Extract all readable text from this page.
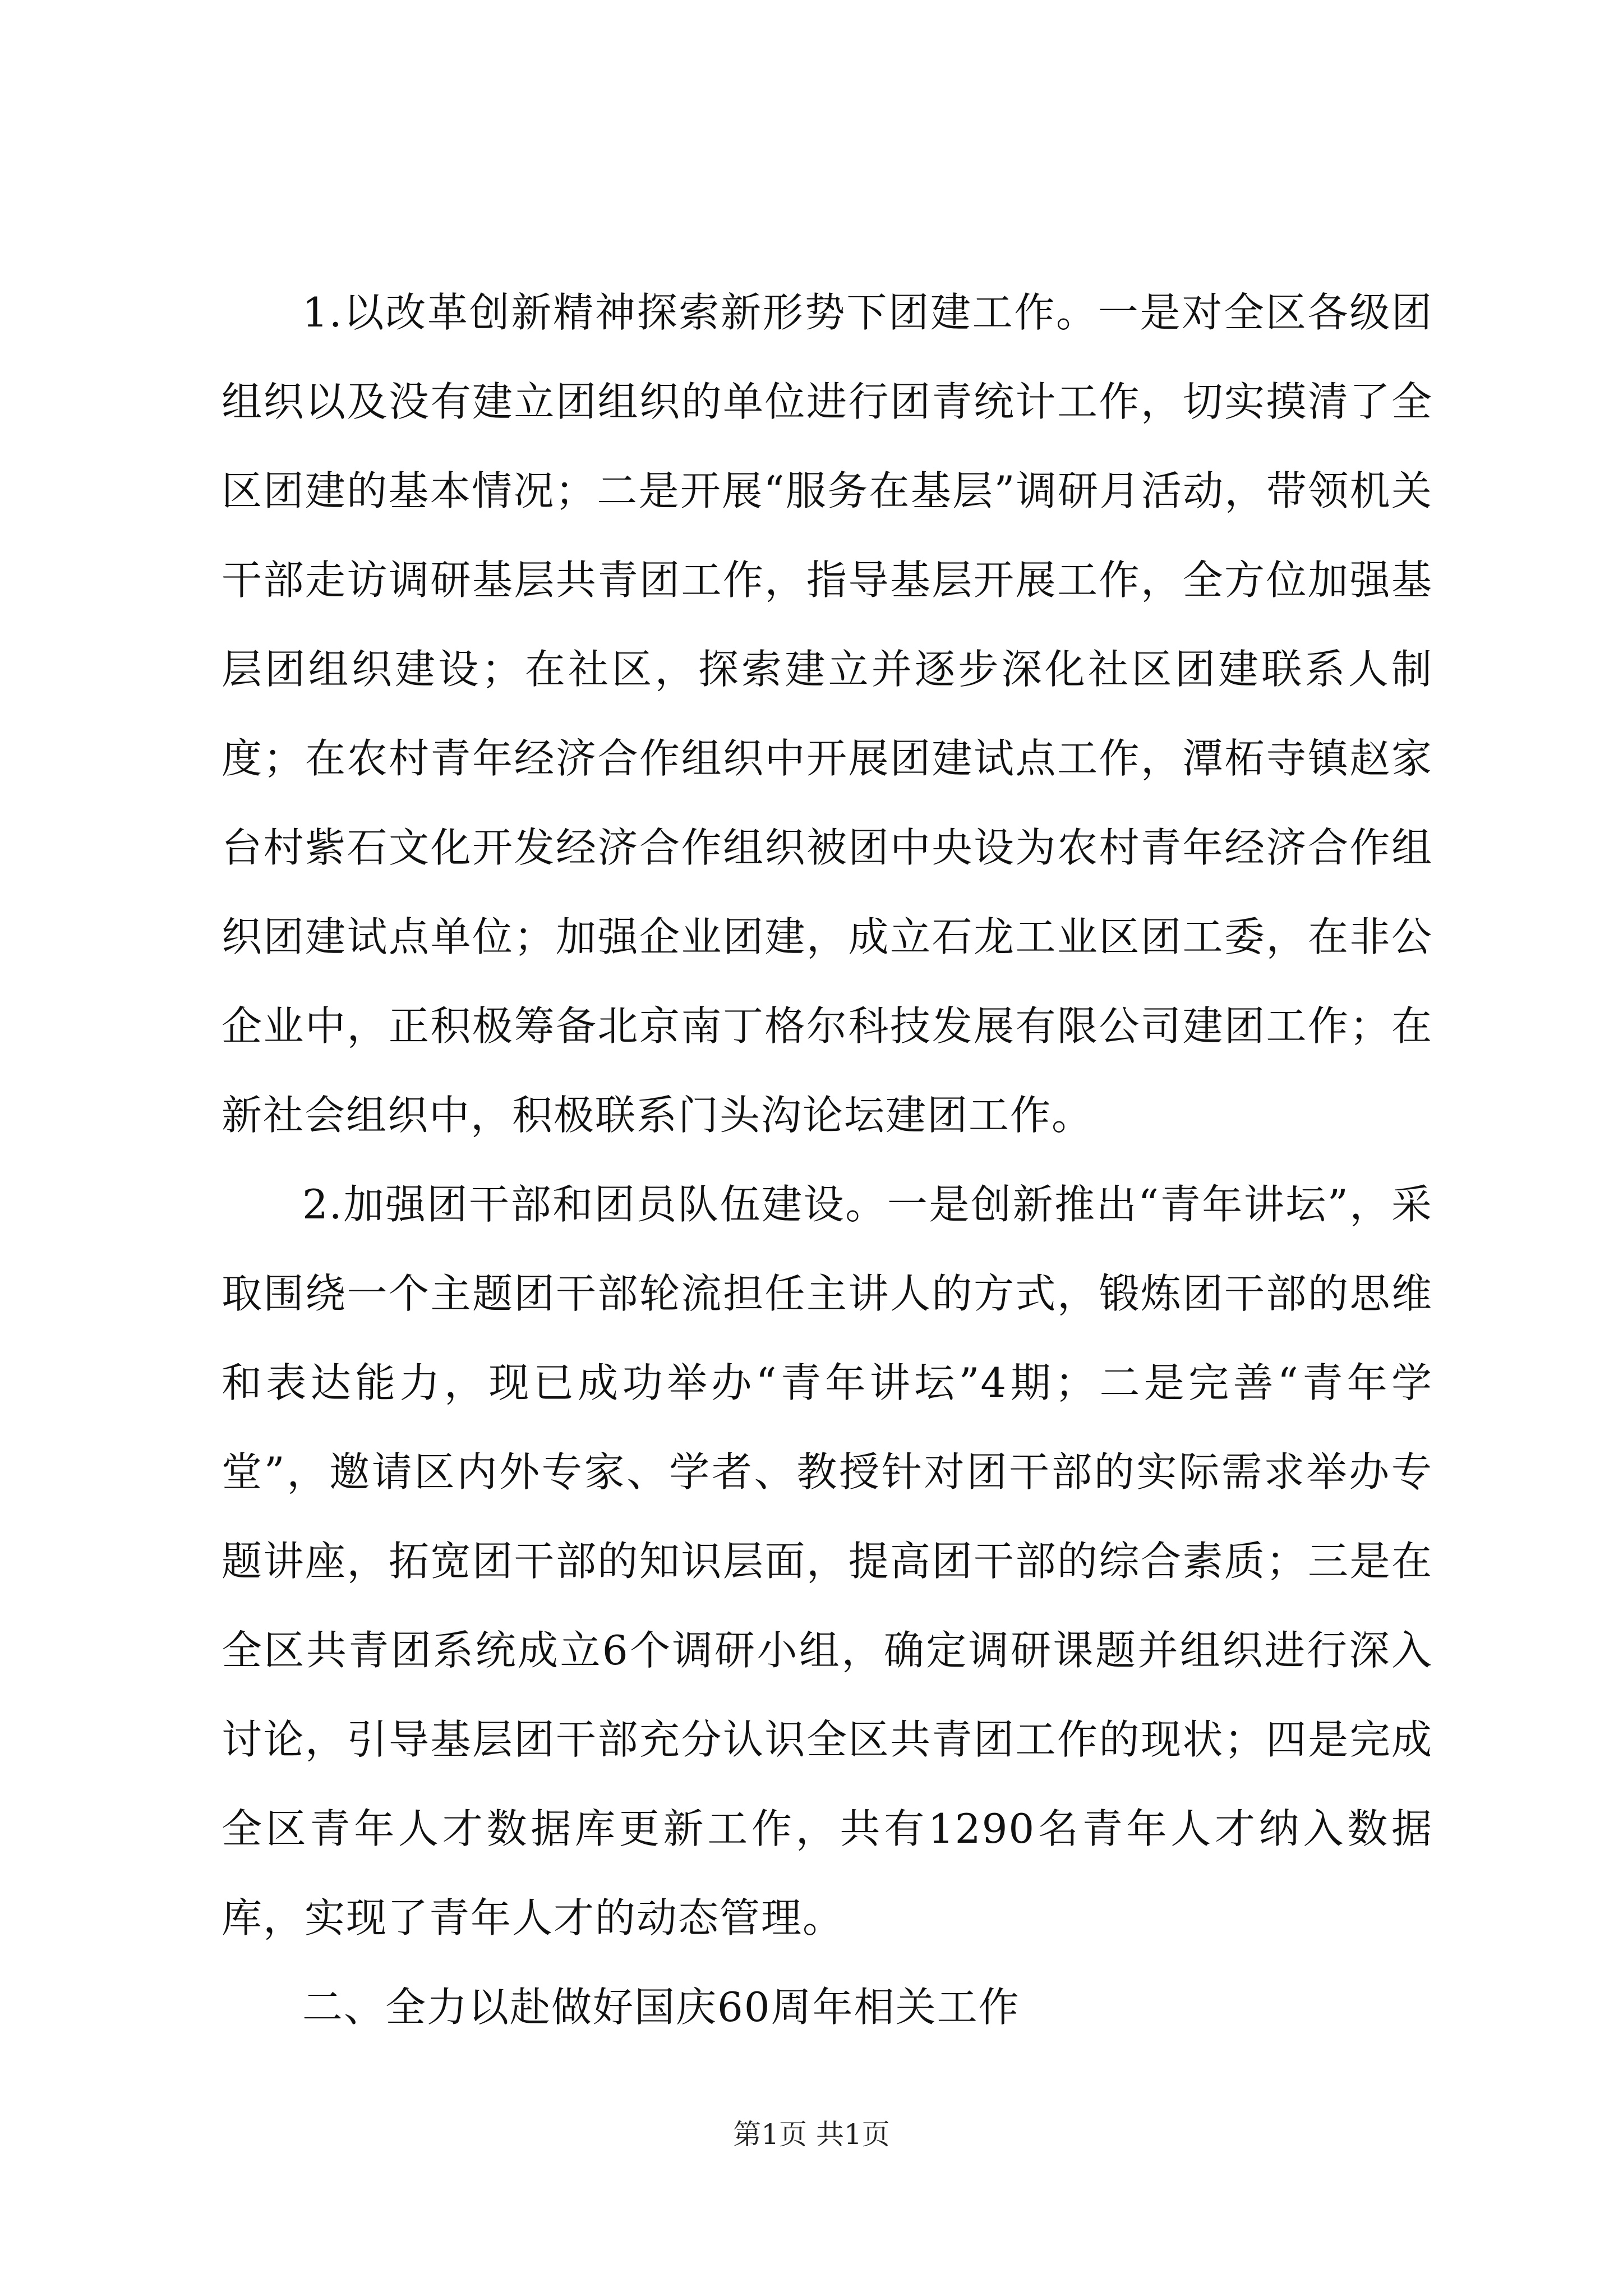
1.以改革创新精神探索新形势下团建工作。一是对全区各级团组织以及没有建立团组织的单位进行团青统计工作，切实摸清了全区团建的基本情况；二是开展“服务在基层”调研月活动，带领机关干部走访调研基层共青团工作，指导基层开展工作，全方位加强基层团组织建设；在社区，探索建立并逐步深化社区团建联系人制度；在农村青年经济合作组织中开展团建试点工作，潭柘寺镇赵家台村紫石文化开发经济合作组织被团中央设为农村青年经济合作组织团建试点单位；加强企业团建，成立石龙工业区团工委，在非公企业中，正积极筹备北京南丁格尔科技发展有限公司建团工作；在新社会组织中，积极联系门头沟论坛建团工作。

2.加强团干部和团员队伍建设。一是创新推出“青年讲坛”，采取围绕一个主题团干部轮流担任主讲人的方式，锻炼团干部的思维和表达能力，现已成功举办“青年讲坛”4期；二是完善“青年学堂”，邀请区内外专家、学者、教授针对团干部的实际需求举办专题讲座，拓宽团干部的知识层面，提高团干部的综合素质；三是在全区共青团系统成立6个调研小组，确定调研课题并组织进行深入讨论，引导基层团干部充分认识全区共青团工作的现状；四是完成全区青年人才数据库更新工作，共有1290名青年人才纳入数据库，实现了青年人才的动态管理。

二、全力以赴做好国庆60周年相关工作

第1页 共1页
